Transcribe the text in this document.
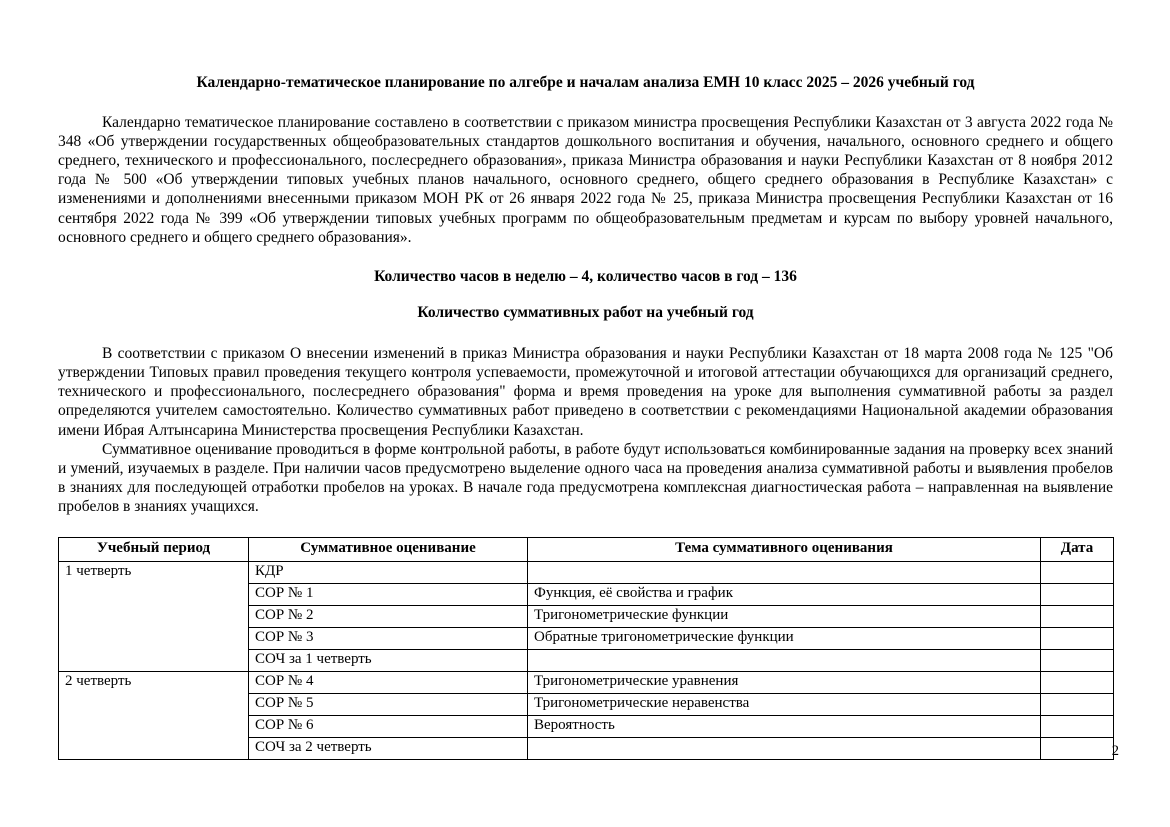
Календарно-тематическое планирование по алгебре и началам анализа ЕМН 10 класс 2025 – 2026 учебный год

Календарно тематическое планирование составлено в соответствии с приказом министра просвещения Республики Казахстан от 3 августа 2022 года № 348 «Об утверждении государственных общеобразовательных стандартов дошкольного воспитания и обучения, начального, основного среднего и общего среднего, технического и профессионального, послесреднего образования», приказа Министра образования и науки Республики Казахстан от 8 ноября 2012 года № 500 «Об утверждении типовых учебных планов начального, основного среднего, общего среднего образования в Республике Казахстан» с изменениями и дополнениями внесенными приказом МОН РК от 26 января 2022 года № 25, приказа Министра просвещения Республики Казахстан от 16 сентября 2022 года № 399 «Об утверждении типовых учебных программ по общеобразовательным предметам и курсам по выбору уровней начального, основного среднего и общего среднего образования».

Количество часов в неделю – 4, количество часов в год – 136

Количество суммативных работ на учебный год

В соответствии с приказом О внесении изменений в приказ Министра образования и науки Республики Казахстан от 18 марта 2008 года № 125 "Об утверждении Типовых правил проведения текущего контроля успеваемости, промежуточной и итоговой аттестации обучающихся для организаций среднего, технического и профессионального, послесреднего образования" форма и время проведения на уроке для выполнения суммативной работы за раздел определяются учителем самостоятельно. Количество суммативных работ приведено в соответствии с рекомендациями Национальной академии образования имени Ибрая Алтынсарина Министерства просвещения Республики Казахстан.

Суммативное оценивание проводиться в форме контрольной работы, в работе будут использоваться комбинированные задания на проверку всех знаний и умений, изучаемых в разделе. При наличии часов предусмотрено выделение одного часа на проведения анализа суммативной работы и выявления пробелов в знаниях для последующей отработки пробелов на уроках. В начале года предусмотрена комплексная диагностическая работа – направленная на выявление пробелов в знаниях учащихся.

Учебный период	Суммативное оценивание	Тема суммативного оценивания	Дата
1 четверть	КДР		
	СОР № 1	Функция, её свойства и график	
	СОР № 2	Тригонометрические функции	
	СОР № 3	Обратные тригонометрические функции	
	СОЧ за 1 четверть		
2 четверть	СОР № 4	Тригонометрические уравнения	
	СОР № 5	Тригонометрические неравенства	
	СОР № 6	Вероятность	
	СОЧ за 2 четверть			2
